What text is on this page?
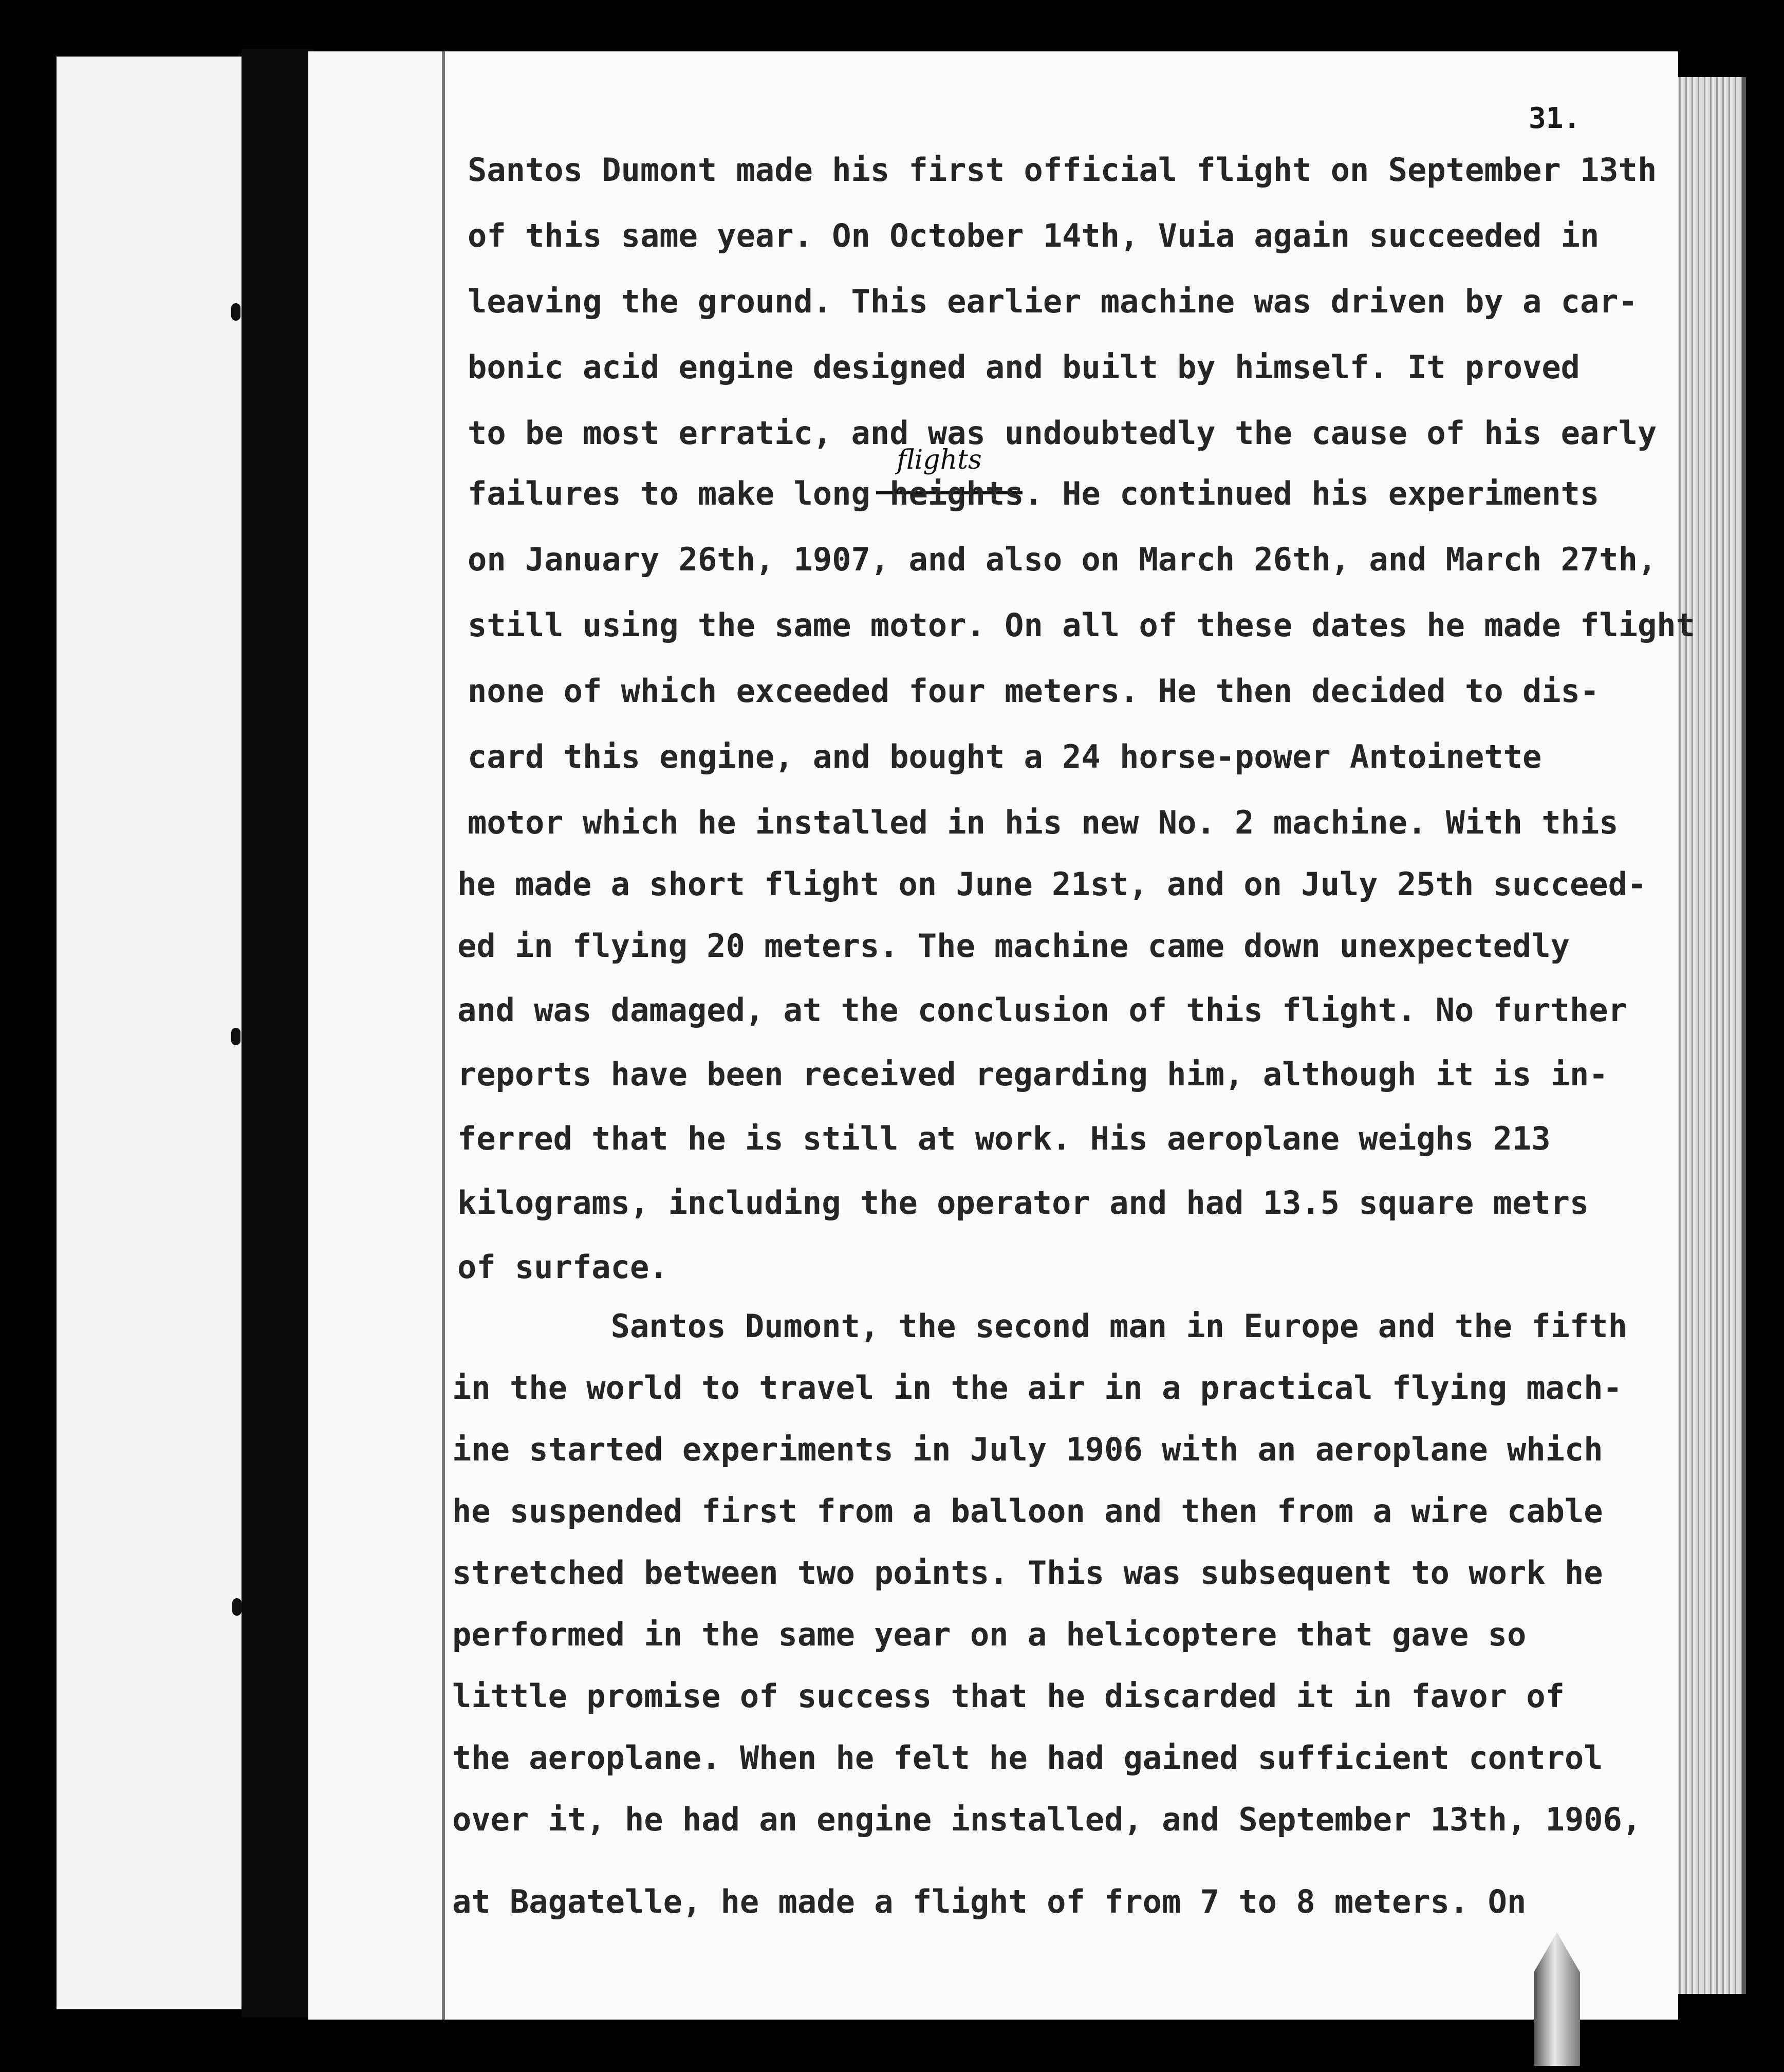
31.
flights
Santos Dumont made his first official flight on September 13th
of this same year. On October 14th, Vuia again succeeded in
leaving the ground. This earlier machine was driven by a car-
bonic acid engine designed and built by himself. It proved
to be most erratic, and was undoubtedly the cause of his early
failures to make long heights. He continued his experiments
on January 26th, 1907, and also on March 26th, and March 27th,
still using the same motor. On all of these dates he made flight
none of which exceeded four meters. He then decided to dis-
card this engine, and bought a 24 horse-power Antoinette
motor which he installed in his new No. 2 machine. With this
he made a short flight on June 21st, and on July 25th succeed-
ed in flying 20 meters. The machine came down unexpectedly
and was damaged, at the conclusion of this flight. No further
reports have been received regarding him, although it is in-
ferred that he is still at work. His aeroplane weighs 213
kilograms, including the operator and had 13.5 square metrs
of surface.
Santos Dumont, the second man in Europe and the fifth
in the world to travel in the air in a practical flying mach-
ine started experiments in July 1906 with an aeroplane which
he suspended first from a balloon and then from a wire cable
stretched between two points. This was subsequent to work he
performed in the same year on a helicoptere that gave so
little promise of success that he discarded it in favor of
the aeroplane. When he felt he had gained sufficient control
over it, he had an engine installed, and September 13th, 1906,
at Bagatelle, he made a flight of from 7 to 8 meters. On
